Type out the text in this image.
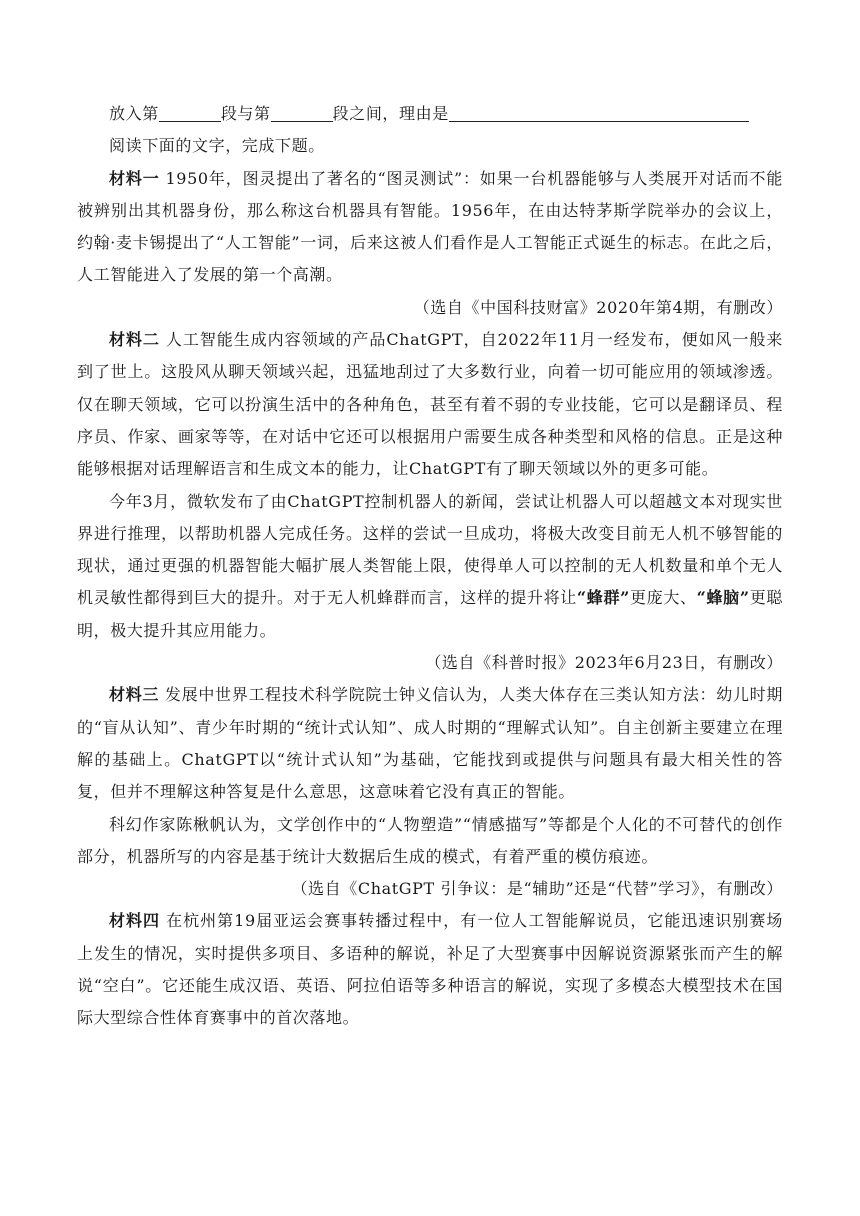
放入第	段与第	段之间，理由是

阅读下面的文字，完成下题。

材料一 1950年，图灵提出了著名的“图灵测试”：如果一台机器能够与人类展开对话而不能被辨别出其机器身份，那么称这台机器具有智能。1956年，在由达特茅斯学院举办的会议上，约翰·麦卡锡提出了“人工智能”一词，后来这被人们看作是人工智能正式诞生的标志。在此之后，人工智能进入了发展的第一个高潮。

（选自《中国科技财富》2020年第4期，有删改）

材料二 人工智能生成内容领域的产品ChatGPT，自2022年11月一经发布，便如风一般来到了世上。这股风从聊天领域兴起，迅猛地刮过了大多数行业，向着一切可能应用的领域渗透。仅在聊天领域，它可以扮演生活中的各种角色，甚至有着不弱的专业技能，它可以是翻译员、程序员、作家、画家等等，在对话中它还可以根据用户需要生成各种类型和风格的信息。正是这种能够根据对话理解语言和生成文本的能力，让ChatGPT有了聊天领域以外的更多可能。

今年3月，微软发布了由ChatGPT控制机器人的新闻，尝试让机器人可以超越文本对现实世界进行推理，以帮助机器人完成任务。这样的尝试一旦成功，将极大改变目前无人机不够智能的现状，通过更强的机器智能大幅扩展人类智能上限，使得单人可以控制的无人机数量和单个无人机灵敏性都得到巨大的提升。对于无人机蜂群而言，这样的提升将让“蜂群”更庞大、“蜂脑”更聪明，极大提升其应用能力。

（选自《科普时报》2023年6月23日，有删改）

材料三 发展中世界工程技术科学院院士钟义信认为，人类大体存在三类认知方法：幼儿时期的“盲从认知”、青少年时期的“统计式认知”、成人时期的“理解式认知”。自主创新主要建立在理解的基础上。ChatGPT以“统计式认知”为基础，它能找到或提供与问题具有最大相关性的答复，但并不理解这种答复是什么意思，这意味着它没有真正的智能。

科幻作家陈楸帆认为，文学创作中的“人物塑造”“情感描写”等都是个人化的不可替代的创作部分，机器所写的内容是基于统计大数据后生成的模式，有着严重的模仿痕迹。

（选自《ChatGPT 引争议：是“辅助”还是“代替”学习》，有删改）

材料四 在杭州第19届亚运会赛事转播过程中，有一位人工智能解说员，它能迅速识别赛场上发生的情况，实时提供多项目、多语种的解说，补足了大型赛事中因解说资源紧张而产生的解说“空白”。它还能生成汉语、英语、阿拉伯语等多种语言的解说，实现了多模态大模型技术在国际大型综合性体育赛事中的首次落地。
